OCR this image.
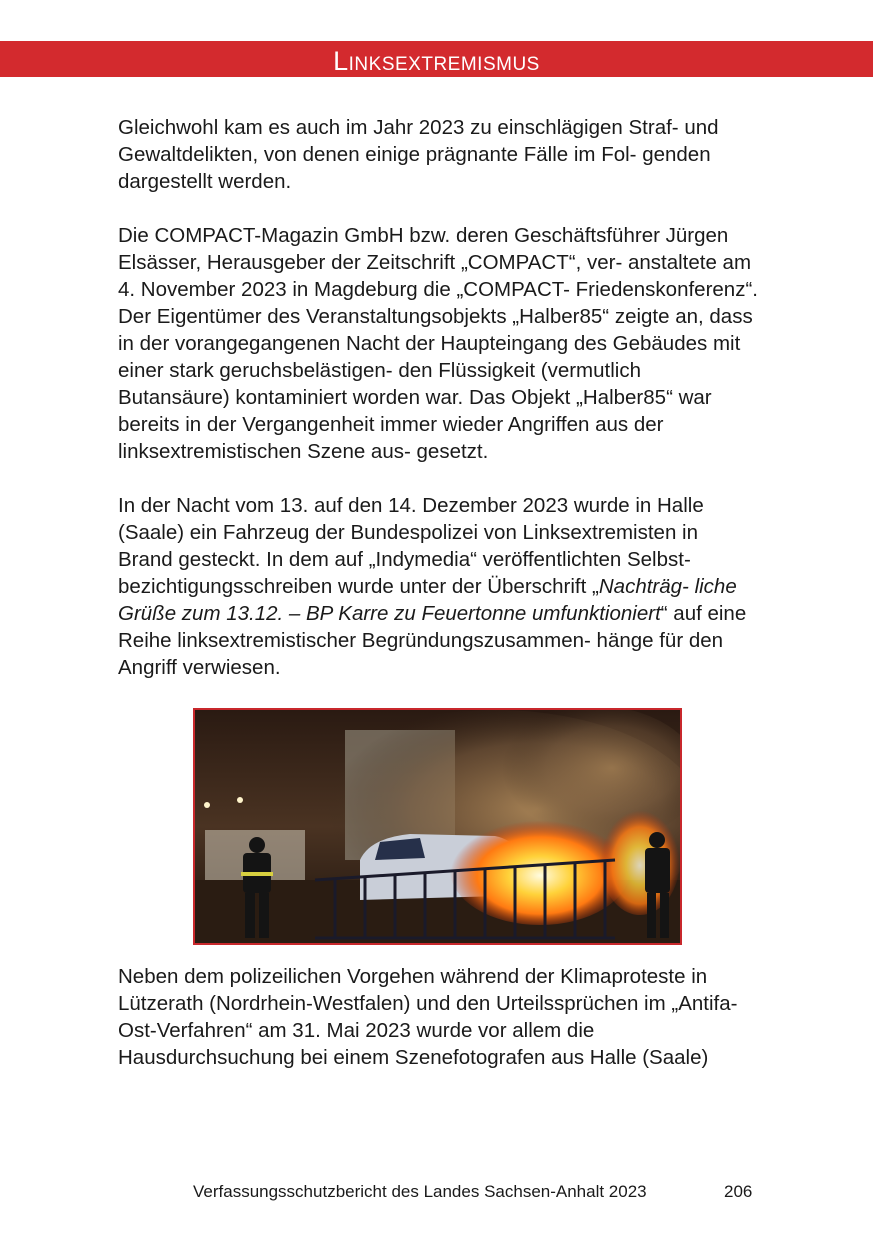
Linksextremismus

Gleichwohl kam es auch im Jahr 2023 zu einschlägigen Straf- und Gewaltdelikten, von denen einige prägnante Fälle im Fol- genden dargestellt werden.

Die COMPACT-Magazin GmbH bzw. deren Geschäftsführer Jürgen Elsässer, Herausgeber der Zeitschrift „COMPACT“, ver- anstaltete am 4. November 2023 in Magdeburg die „COMPACT- Friedenskonferenz“. Der Eigentümer des Veranstaltungsobjekts „Halber85“ zeigte an, dass in der vorangegangenen Nacht der Haupteingang des Gebäudes mit einer stark geruchsbelästigen- den Flüssigkeit (vermutlich Butansäure) kontaminiert worden war. Das Objekt „Halber85“ war bereits in der Vergangenheit immer wieder Angriffen aus der linksextremistischen Szene aus- gesetzt.

In der Nacht vom 13. auf den 14. Dezember 2023 wurde in Halle (Saale) ein Fahrzeug der Bundespolizei von Linksextremisten in Brand gesteckt. In dem auf „Indymedia“ veröffentlichten Selbst- bezichtigungsschreiben wurde unter der Überschrift „Nachträg- liche Grüße zum 13.12. – BP Karre zu Feuertonne umfunktioniert“ auf eine Reihe linksextremistischer Begründungszusammen- hänge für den Angriff verwiesen.

Neben dem polizeilichen Vorgehen während der Klimaproteste in Lützerath (Nordrhein-Westfalen) und den Urteilssprüchen im „Antifa-Ost-Verfahren“ am 31. Mai 2023 wurde vor allem die Hausdurchsuchung bei einem Szenefotografen aus Halle (Saale)

Verfassungsschutzbericht des Landes Sachsen-Anhalt 2023	206
